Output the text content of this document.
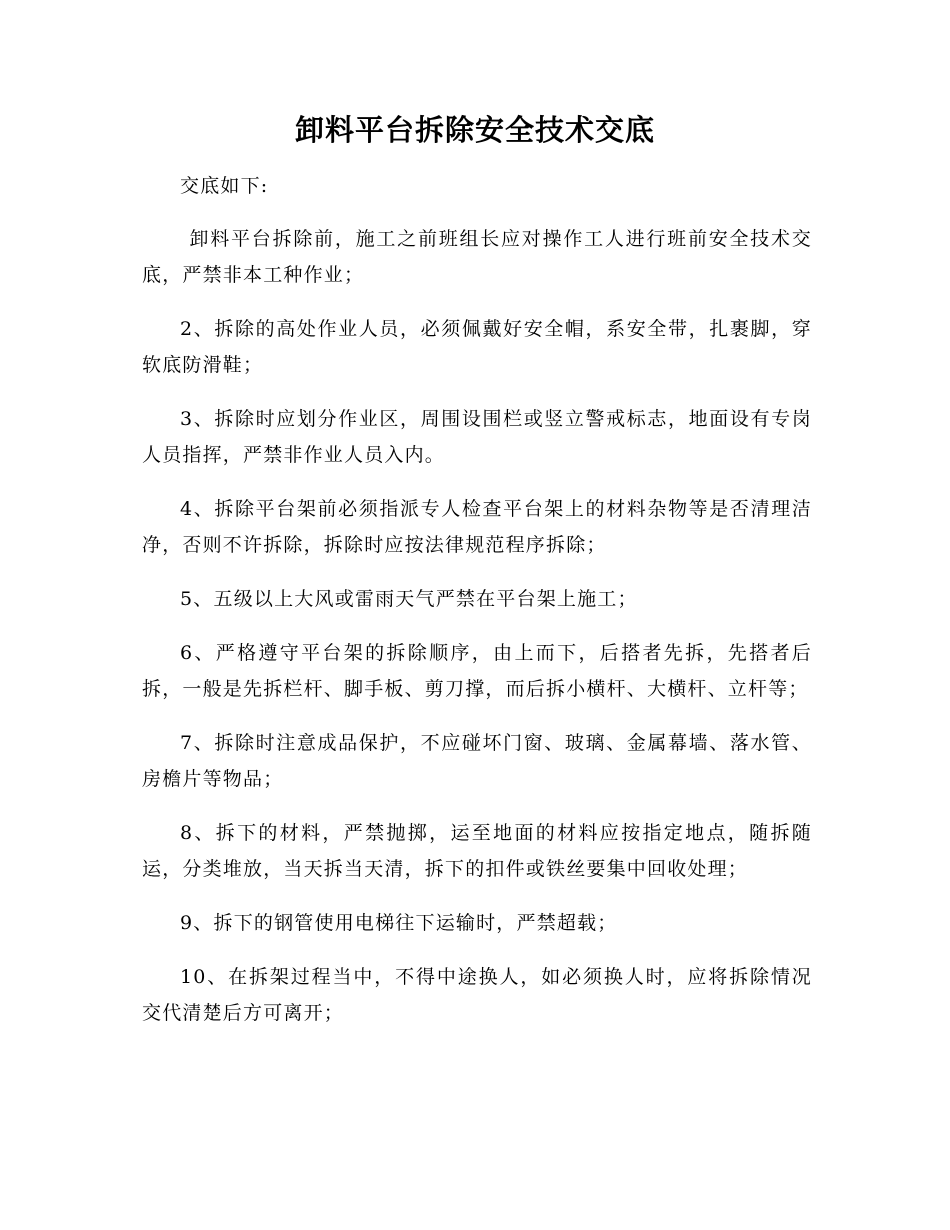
卸料平台拆除安全技术交底

交底如下:

卸料平台拆除前，施工之前班组长应对操作工人进行班前安全技术交底，严禁非本工种作业；

2、拆除的高处作业人员，必须佩戴好安全帽，系安全带，扎裹脚，穿软底防滑鞋；

3、拆除时应划分作业区，周围设围栏或竖立警戒标志，地面设有专岗人员指挥，严禁非作业人员入内。

4、拆除平台架前必须指派专人检查平台架上的材料杂物等是否清理洁净，否则不许拆除，拆除时应按法律规范程序拆除；

5、五级以上大风或雷雨天气严禁在平台架上施工；

6、严格遵守平台架的拆除顺序，由上而下，后搭者先拆，先搭者后拆，一般是先拆栏杆、脚手板、剪刀撑，而后拆小横杆、大横杆、立杆等；

7、拆除时注意成品保护，不应碰坏门窗、玻璃、金属幕墙、落水管、房檐片等物品；

8、拆下的材料，严禁抛掷，运至地面的材料应按指定地点，随拆随运，分类堆放，当天拆当天清，拆下的扣件或铁丝要集中回收处理；

9、拆下的钢管使用电梯往下运输时，严禁超载；

10、在拆架过程当中，不得中途换人，如必须换人时，应将拆除情况交代清楚后方可离开；
